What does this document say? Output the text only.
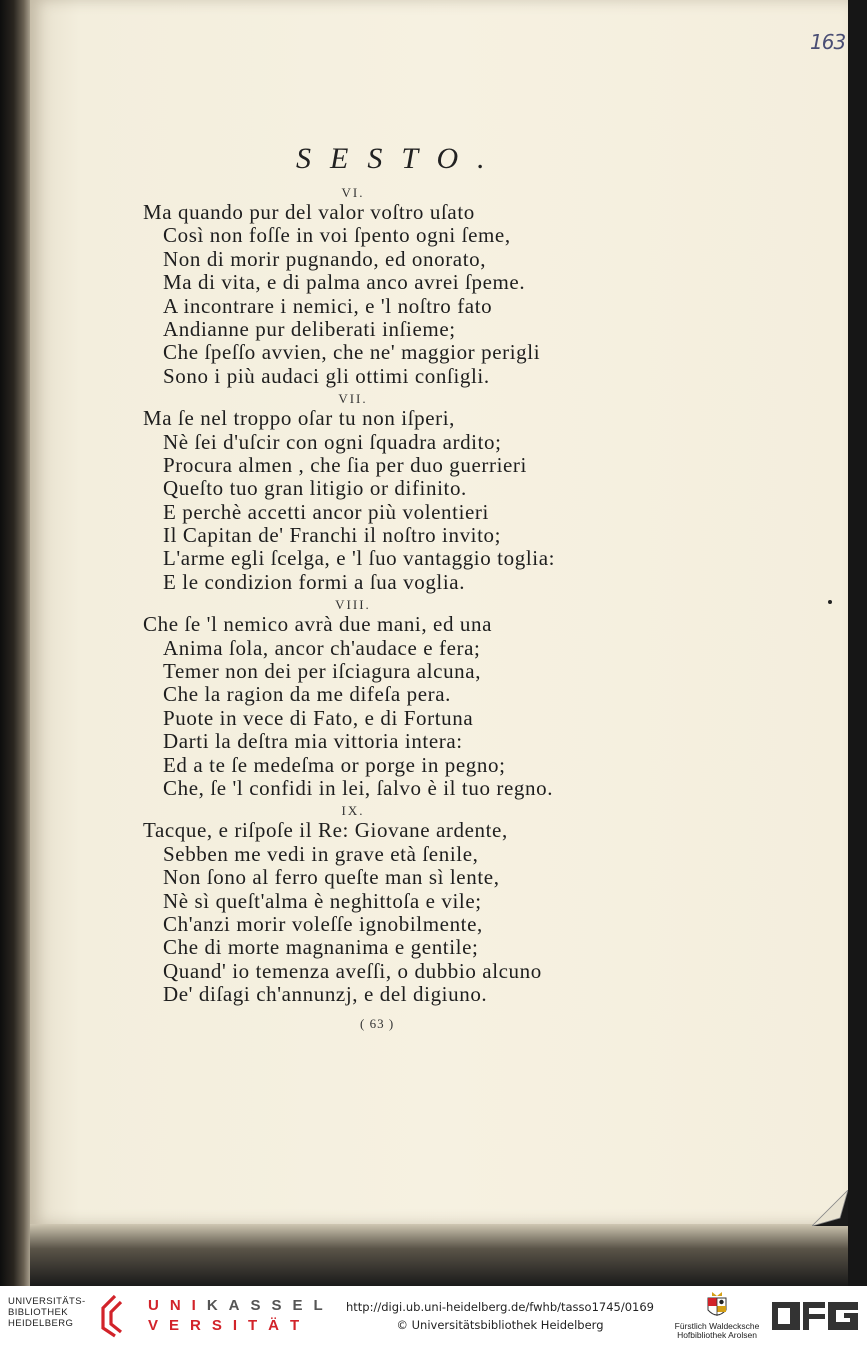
163
SESTO.
VI.
Ma quando pur del valor voſtro uſato
Così non foſſe in voi ſpento ogni ſeme,
Non di morir pugnando, ed onorato,
Ma di vita, e di palma anco avrei ſpeme.
A incontrare i nemici, e 'l noſtro fato
Andianne pur deliberati inſieme;
Che ſpeſſo avvien, che ne' maggior perigli
Sono i più audaci gli ottimi conſigli.
VII.
Ma ſe nel troppo oſar tu non iſperi,
Nè ſei d'uſcir con ogni ſquadra ardito;
Procura almen , che ſia per duo guerrieri
Queſto tuo gran litigio or difinito.
E perchè accetti ancor più volentieri
Il Capitan de' Franchi il noſtro invito;
L'arme egli ſcelga, e 'l ſuo vantaggio toglia:
E le condizion formi a ſua voglia.
VIII.
Che ſe 'l nemico avrà due mani, ed una
Anima ſola, ancor ch'audace e fera;
Temer non dei per iſciagura alcuna,
Che la ragion da me difeſa pera.
Puote in vece di Fato, e di Fortuna
Darti la deſtra mia vittoria intera:
Ed a te ſe medeſma or porge in pegno;
Che, ſe 'l confidi in lei, ſalvo è il tuo regno.
IX.
Tacque, e riſpoſe il Re: Giovane ardente,
Sebben me vedi in grave età ſenile,
Non ſono al ferro queſte man sì lente,
Nè sì queſt'alma è neghittoſa e vile;
Ch'anzi morir voleſſe ignobilmente,
Che di morte magnanima e gentile;
Quand' io temenza aveſſi, o dubbio alcuno
De' diſagi ch'annunzj, e del digiuno.
( 63 )
UNIVERSITÄTS-
BIBLIOTHEK
HEIDELBERG
UNIKASSEL
VERSITÄT
http://digi.ub.uni-heidelberg.de/fwhb/tasso1745/0169
© Universitätsbibliothek Heidelberg	Fürstlich Waldecksche
Hofbibliothek Arolsen
